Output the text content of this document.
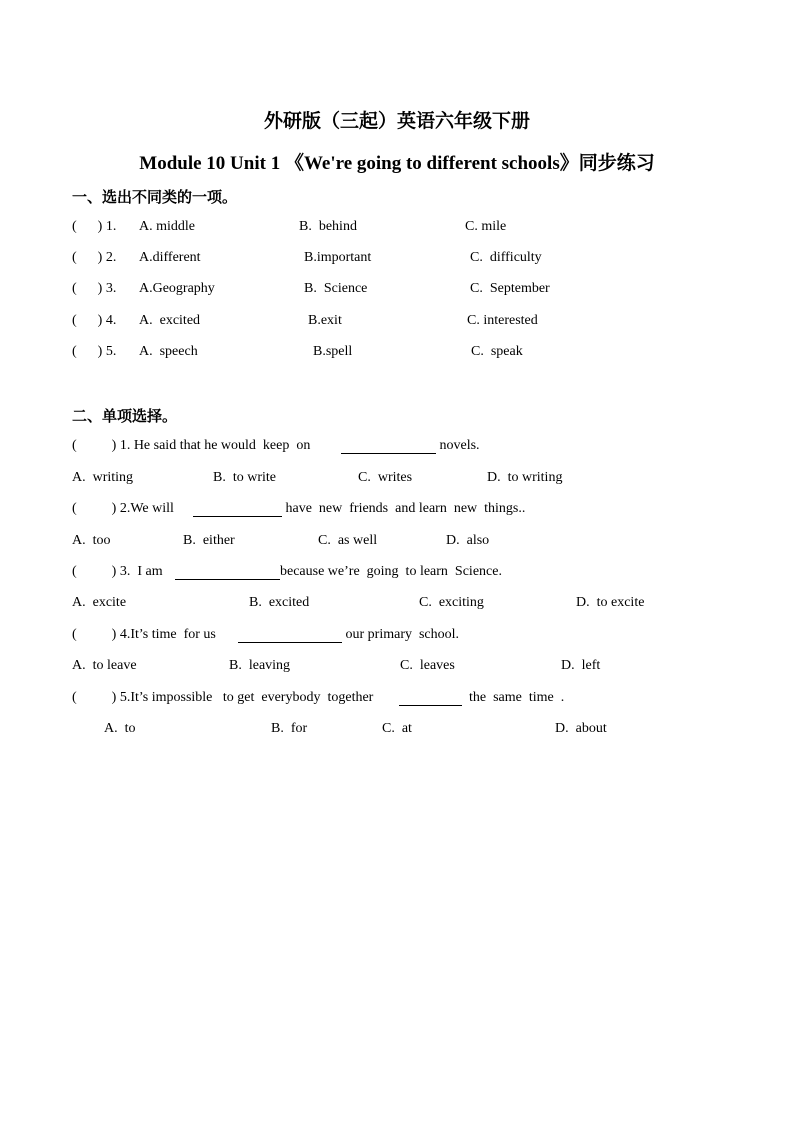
外研版（三起）英语六年级下册
Module 10 Unit 1 《We're going to different schools》同步练习
一、选出不同类的一项。
(      ) 1. A. middle	B.  behind	C. mile
(      ) 2. A.different	B.important	C.  difficulty
(      ) 3. A.Geography	B.  Science	C.  September
(      ) 4. A.  excited	B.exit	C. interested
(      ) 5. A.  speech	B.spell	C.  speak
二、单项选择。
(          ) 1. He said that he would  keep  on	novels.
A.  writing	B.  to write	C.  writes	D.  to writing
(          ) 2.We will	have  new  friends  and learn  new  things..
A.  too	B.  either	C.  as well	D.  also
(          ) 3.  I am	because we’re  going  to learn  Science.
A.  excite	B.  excited	C.  exciting	D.  to excite
(          ) 4.It’s time  for us	our primary  school.
A.  to leave	B.  leaving	C.  leaves	D.  left
(          ) 5.It’s impossible   to get  everybody  together	the  same  time  .
A.  to	B.  for	C.  at	D.  about
